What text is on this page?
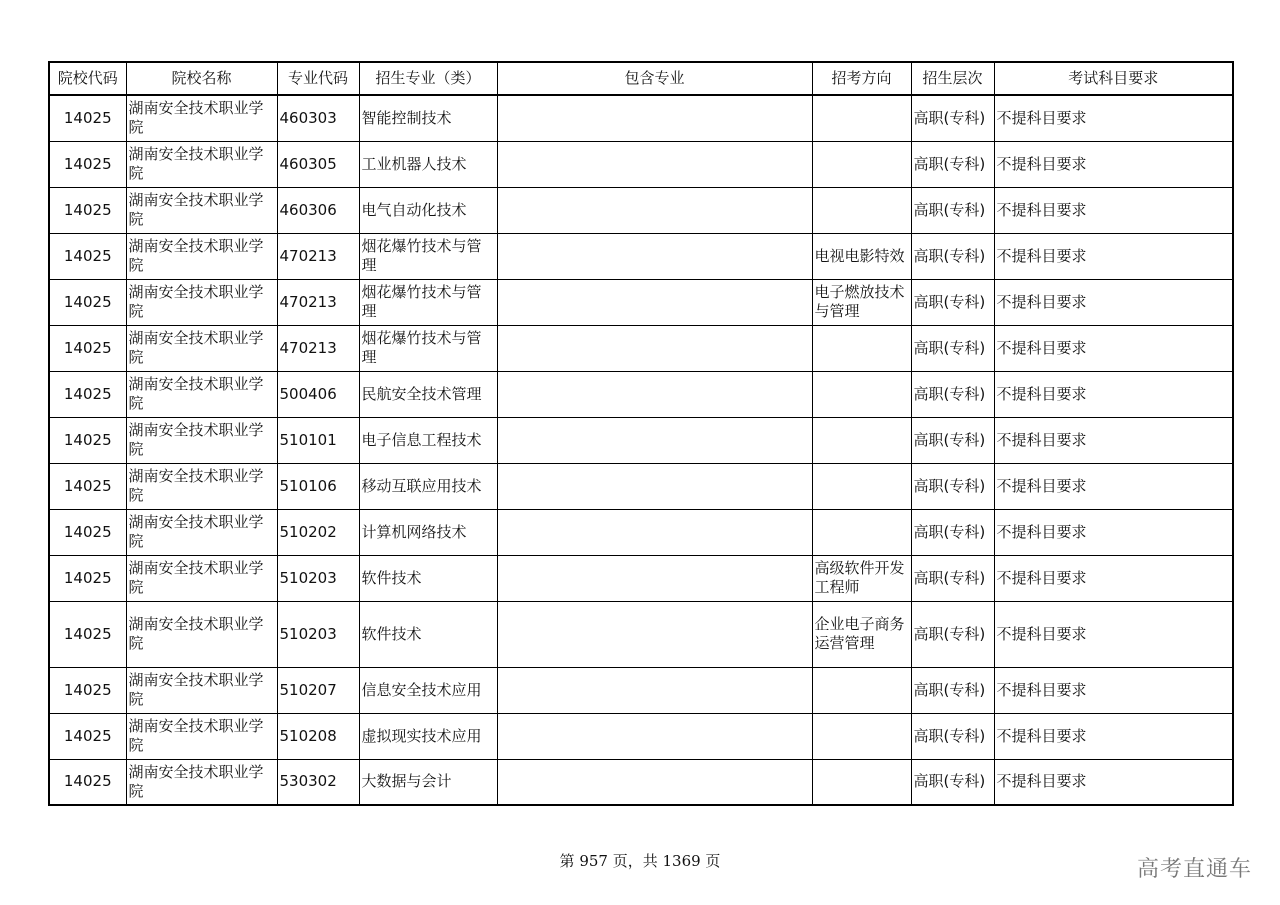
院校代码	院校名称	专业代码	招生专业（类）	包含专业	招考方向	招生层次	考试科目要求
14025	湖南安全技术职业学院	460303	智能控制技术			高职(专科)	不提科目要求
14025	湖南安全技术职业学院	460305	工业机器人技术			高职(专科)	不提科目要求
14025	湖南安全技术职业学院	460306	电气自动化技术			高职(专科)	不提科目要求
14025	湖南安全技术职业学院	470213	烟花爆竹技术与管理		电视电影特效	高职(专科)	不提科目要求
14025	湖南安全技术职业学院	470213	烟花爆竹技术与管理		电子燃放技术与管理	高职(专科)	不提科目要求
14025	湖南安全技术职业学院	470213	烟花爆竹技术与管理			高职(专科)	不提科目要求
14025	湖南安全技术职业学院	500406	民航安全技术管理			高职(专科)	不提科目要求
14025	湖南安全技术职业学院	510101	电子信息工程技术			高职(专科)	不提科目要求
14025	湖南安全技术职业学院	510106	移动互联应用技术			高职(专科)	不提科目要求
14025	湖南安全技术职业学院	510202	计算机网络技术			高职(专科)	不提科目要求
14025	湖南安全技术职业学院	510203	软件技术		高级软件开发工程师	高职(专科)	不提科目要求
14025	湖南安全技术职业学院	510203	软件技术		企业电子商务运营管理	高职(专科)	不提科目要求
14025	湖南安全技术职业学院	510207	信息安全技术应用			高职(专科)	不提科目要求
14025	湖南安全技术职业学院	510208	虚拟现实技术应用			高职(专科)	不提科目要求
14025	湖南安全技术职业学院	530302	大数据与会计			高职(专科)	不提科目要求
第 957 页，共 1369 页	高考直通车
